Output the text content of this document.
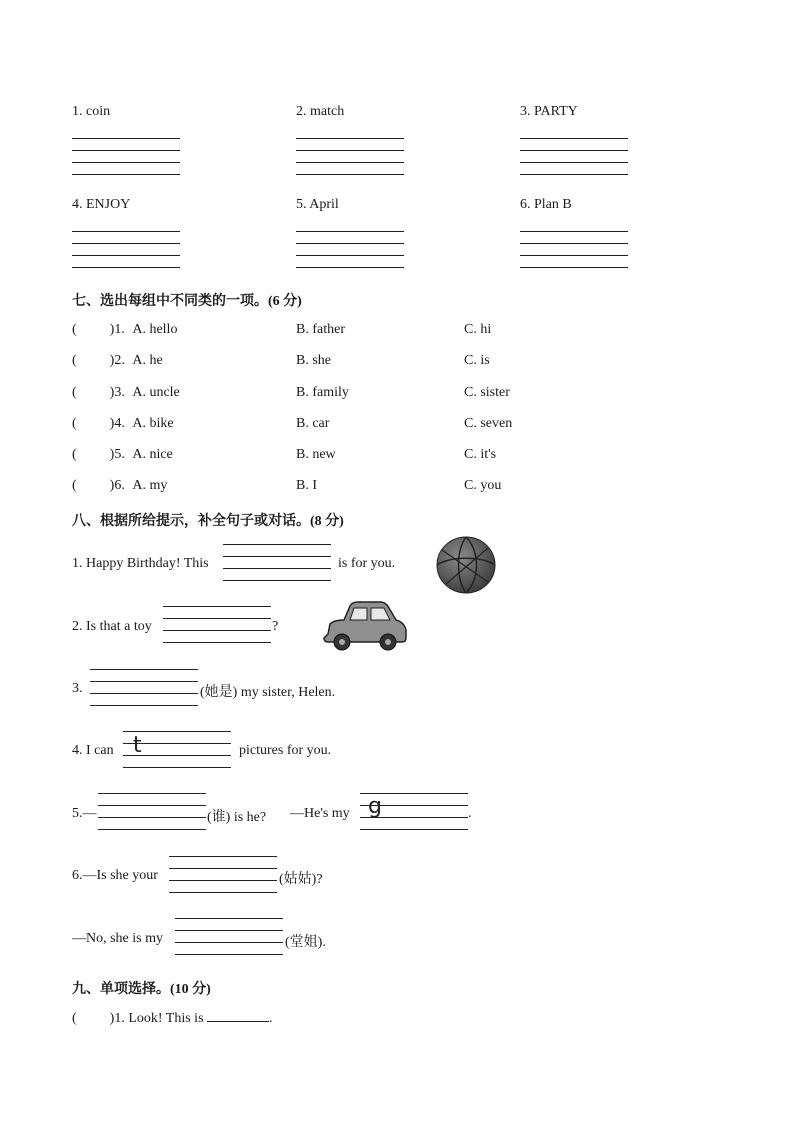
1. coin	2. match	3. PARTY
4. ENJOY	5. April	6. Plan B
七、选出每组中不同类的一项。(6 分)
( )1. A. hello	B. father	C. hi
( )2. A. he	B. she	C. is
( )3. A. uncle	B. family	C. sister
( )4. A. bike	B. car	C. seven
( )5. A. nice	B. new	C. it's
( )6. A. my	B. I	C. you
八、根据所给提示，补全句子或对话。(8 分)
1. Happy Birthday! This	is for you.
2. Is that a toy	?
3.	(她是) my sister, Helen.
4. I can t	pictures for you.
5.—	(谁) is he? —He's my g	.
6.—Is she your	(姑姑)?
—No, she is my	(堂姐).
九、单项选择。(10 分)
( )1. Look! This is	.
